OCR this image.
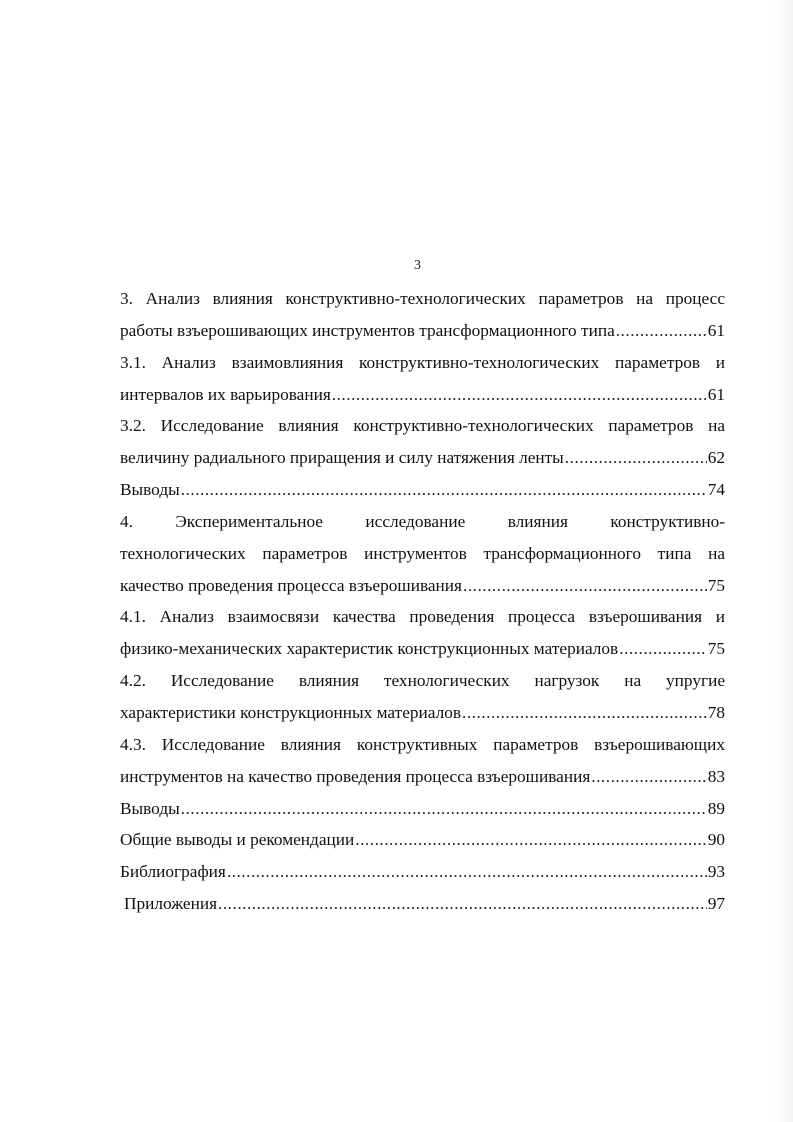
3
3. Анализ влияния конструктивно-технологических параметров на процесс
работы взъерошивающих инструментов трансформационного типа .....	61
3.1. Анализ взаимовлияния конструктивно-технологических параметров и
интервалов их варьирования .....	61
3.2. Исследование влияния конструктивно-технологических параметров на
величину радиального приращения и силу натяжения ленты .....	62
Выводы .....	74
4. Экспериментальное исследование влияния конструктивно-
технологических параметров инструментов трансформационного типа на
качество проведения процесса взъерошивания .....	75
4.1. Анализ взаимосвязи качества проведения процесса взъерошивания и
физико-механических характеристик конструкционных материалов .....	75
4.2. Исследование влияния технологических нагрузок на упругие
характеристики конструкционных материалов .....	78
4.3. Исследование влияния конструктивных параметров взъерошивающих
инструментов на качество проведения процесса взъерошивания .....	83
Выводы .....	89
Общие выводы и рекомендации .....	90
Библиография .....	93
Приложения .....	97
